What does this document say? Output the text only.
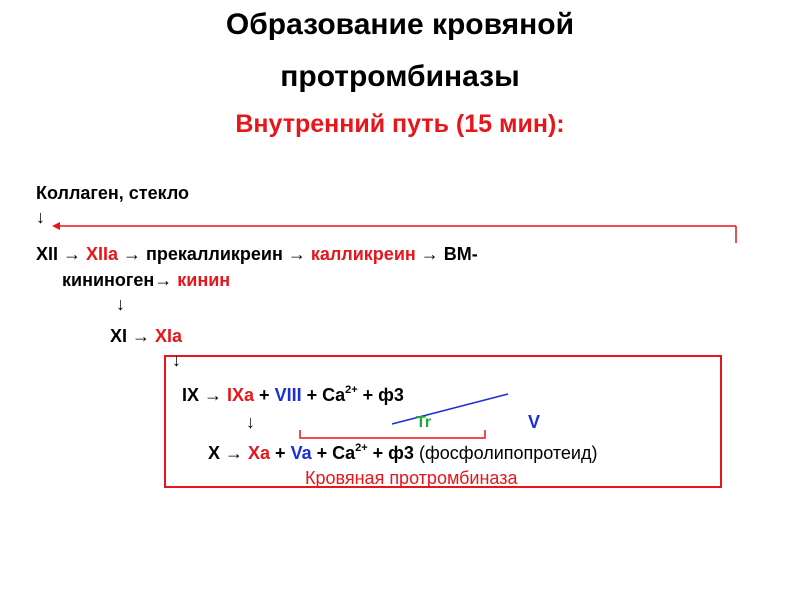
Образование кровяной
протромбиназы
Внутренний путь (15 мин):
Коллаген, стекло
↓
XII → XIIa → прекалликреин → калликреин → ВМ-
кининоген→ кинин
↓
XI → XIa
↓
IX → IXa + VIII + $Ca^{2+} + ф3$
Tr	V
↓
$X \to Xa + Va + Ca^{2+} + ф3$ (фосфолипопротеид)
Кровяная протромбиназа
